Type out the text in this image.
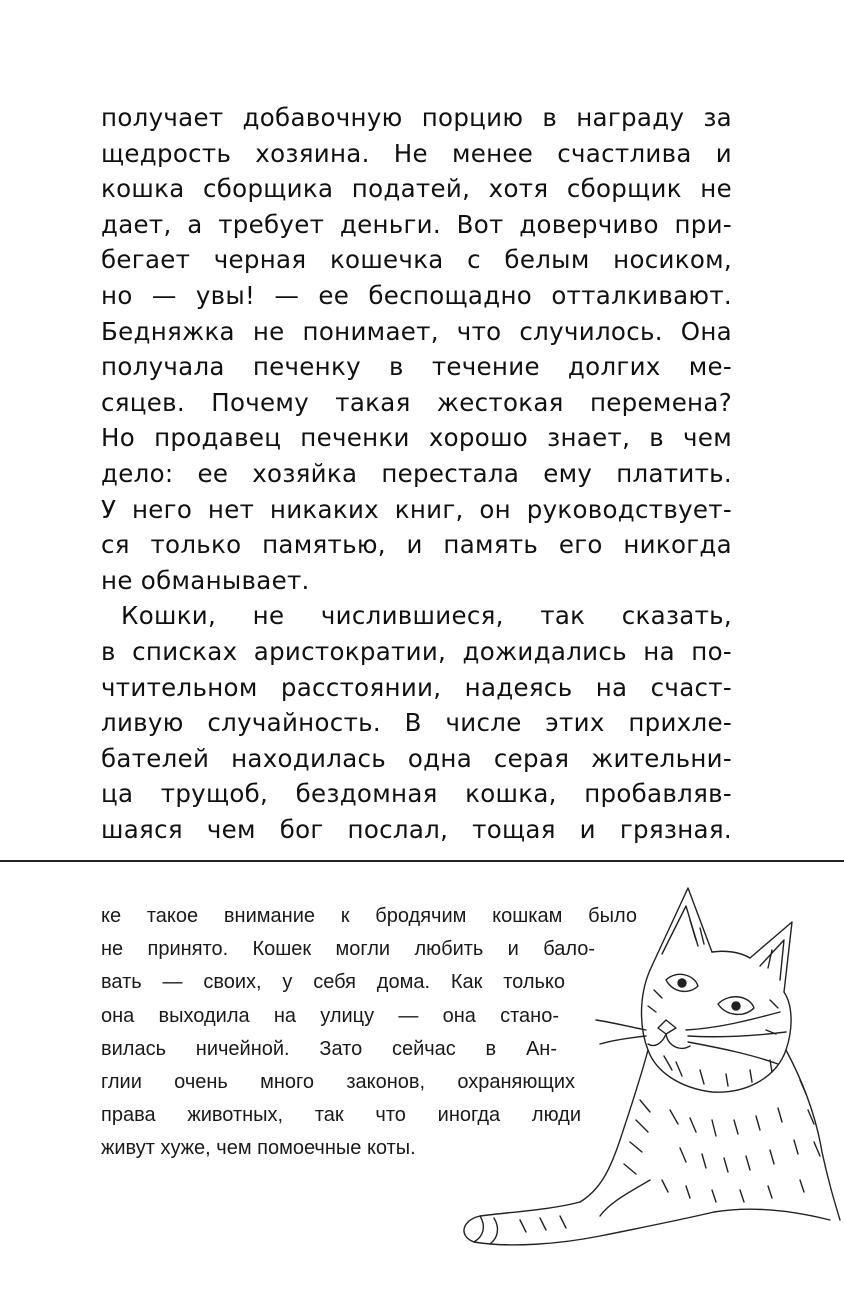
получает добавочную порцию в награду за
щедрость хозяина. Не менее счастлива и
кошка сборщика податей, хотя сборщик не
дает, а требует деньги. Вот доверчиво при-
бегает черная кошечка с белым носиком,
но — увы! — ее беспощадно отталкивают.
Бедняжка не понимает, что случилось. Она
получала печенку в течение долгих ме-
сяцев. Почему такая жестокая перемена?
Но продавец печенки хорошо знает, в чем
дело: ее хозяйка перестала ему платить.
У него нет никаких книг, он руководствует-
ся только памятью, и память его никогда
не обманывает.
Кошки, не числившиеся, так сказать,
в списках аристократии, дожидались на по-
чтительном расстоянии, надеясь на счаст-
ливую случайность. В числе этих прихле-
бателей находилась одна серая жительни-
ца трущоб, бездомная кошка, пробавляв-
шаяся чем бог послал, тощая и грязная.
ке такое внимание к бродячим кошкам было
не принято. Кошек могли любить и бало-
вать — своих, у себя дома. Как только
она выходила на улицу — она стано-
вилась ничейной. Зато сейчас в Ан-
глии очень много законов, охраняющих
права животных, так что иногда люди
живут хуже, чем помоечные коты.
